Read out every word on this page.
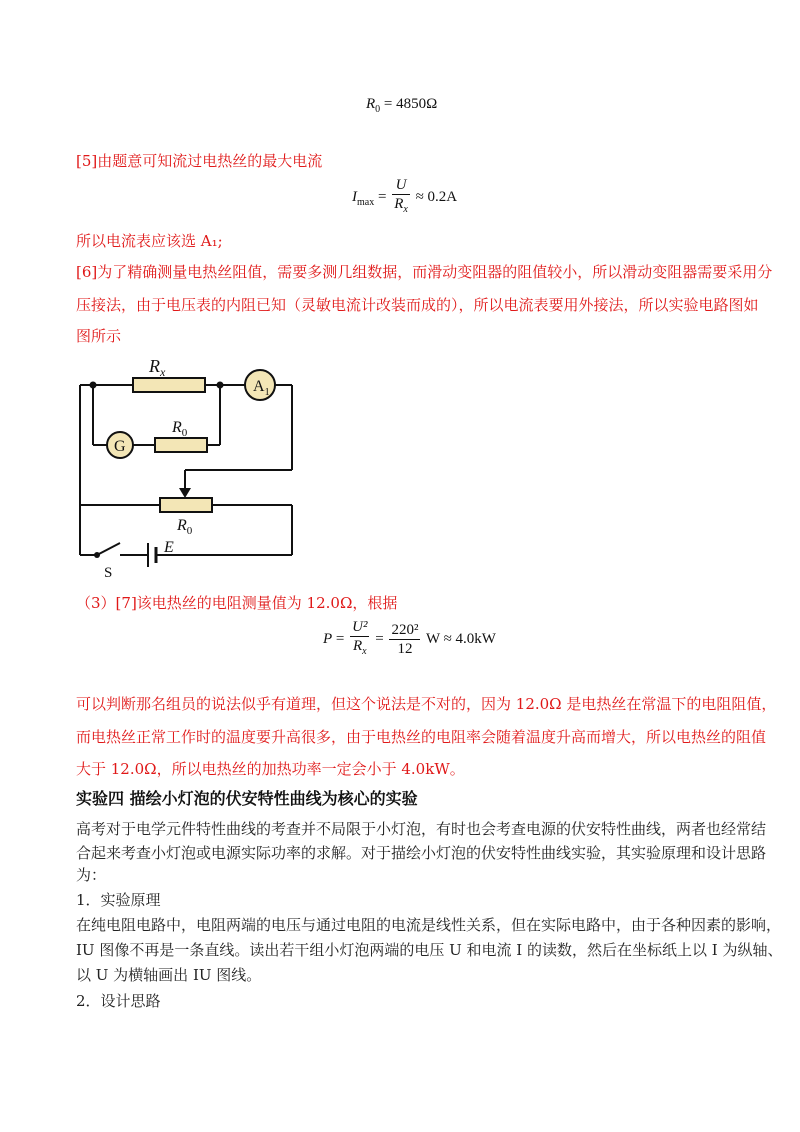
$R_0 = 4850\Omega$
[5]由题意可知流过电热丝的最大电流
$I_{max} = \frac{U}{R_x} \approx 0.2A$
所以电流表应该选 A₁;
[6]为了精确测量电热丝阻值，需要多测几组数据，而滑动变阻器的阻值较小，所以滑动变阻器需要采用分
压接法，由于电压表的内阻已知（灵敏电流计改装而成的），所以电流表要用外接法，所以实验电路图如
图所示
$R_x$
$A_1$
G
$R_0$
$R_0$
E
S
（3）[7]该电热丝的电阻测量值为 12.0Ω，根据
$P = \frac{\text{U²}}{R_x} = \frac{\text{220²}}{12}$ W ≈ 4.0kW
可以判断那名组员的说法似乎有道理，但这个说法是不对的，因为 12.0Ω 是电热丝在常温下的电阻阻值，
而电热丝正常工作时的温度要升高很多，由于电热丝的电阻率会随着温度升高而增大，所以电热丝的阻值
大于 12.0Ω，所以电热丝的加热功率一定会小于 4.0kW。
实验四 描绘小灯泡的伏安特性曲线为核心的实验
高考对于电学元件特性曲线的考查并不局限于小灯泡，有时也会考查电源的伏安特性曲线，两者也经常结
合起来考查小灯泡或电源实际功率的求解。对于描绘小灯泡的伏安特性曲线实验，其实验原理和设计思路
为：
1．实验原理
在纯电阻电路中，电阻两端的电压与通过电阻的电流是线性关系，但在实际电路中，由于各种因素的影响，
IU 图像不再是一条直线。读出若干组小灯泡两端的电压 U 和电流 I 的读数，然后在坐标纸上以 I 为纵轴、
以 U 为横轴画出 IU 图线。
2．设计思路
